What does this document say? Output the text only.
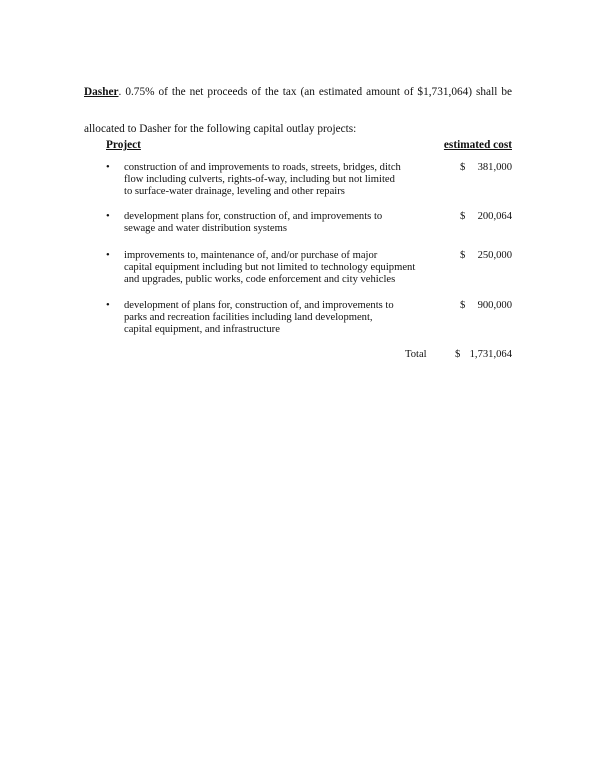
Dasher. 0.75% of the net proceeds of the tax (an estimated amount of $1,731,064) shall be
allocated to Dasher for the following capital outlay projects:
Project	estimated cost
• construction of and improvements to roads, streets, bridges, ditch
flow including culverts, rights-of-way, including but not limited
to surface-water drainage, leveling and other repairs
$ 381,000
• development plans for, construction of, and improvements to
sewage and water distribution systems
$ 200,064
• improvements to, maintenance of, and/or purchase of major
capital equipment including but not limited to technology equipment
and upgrades, public works, code enforcement and city vehicles
$ 250,000
• development of plans for, construction of, and improvements to
parks and recreation facilities including land development,
capital equipment, and infrastructure
$ 900,000
Total	$ 1,731,064
